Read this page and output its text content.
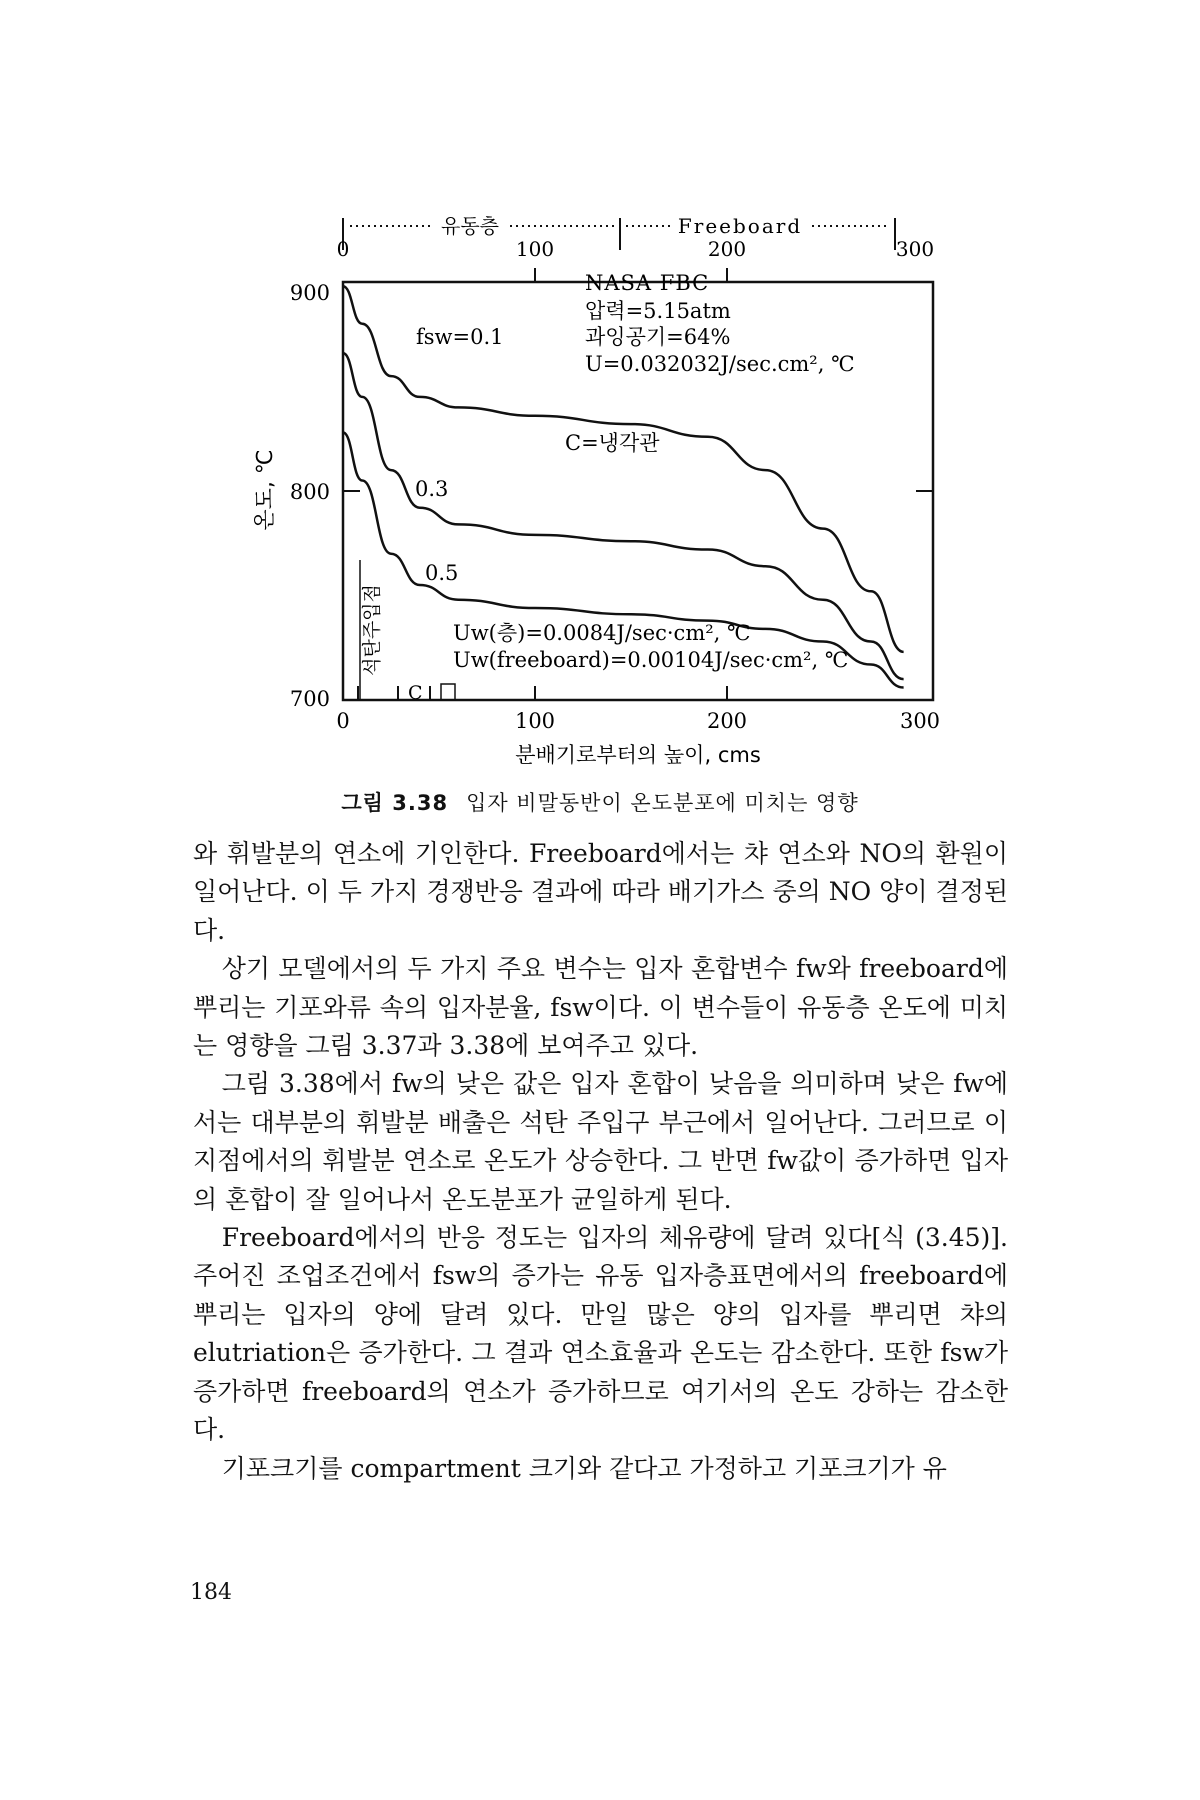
유동층	Freeboard
0	100	200	300
900
800
700
온도, ℃
0	100	200	300
분배기로부터의 높이, cms
석탄주입점
C
fsw=0.1
0.3
0.5
NASA FBC
압력=5.15atm
과잉공기=64%
U=0.032032J/sec.cm², ℃
C=냉각관
Uw(층)=0.0084J/sec·cm², ℃
Uw(freeboard)=0.00104J/sec·cm², ℃
그림 3.38 입자 비말동반이 온도분포에 미치는 영향

와 휘발분의 연소에 기인한다. Freeboard에서는 챠 연소와 NO의 환원이 일어난다. 이 두 가지 경쟁반응 결과에 따라 배기가스 중의 NO 양이 결정된다.

상기 모델에서의 두 가지 주요 변수는 입자 혼합변수 fw와 freeboard에 뿌리는 기포와류 속의 입자분율, fsw이다. 이 변수들이 유동층 온도에 미치는 영향을 그림 3.37과 3.38에 보여주고 있다.

그림 3.38에서 fw의 낮은 값은 입자 혼합이 낮음을 의미하며 낮은 fw에서는 대부분의 휘발분 배출은 석탄 주입구 부근에서 일어난다. 그러므로 이 지점에서의 휘발분 연소로 온도가 상승한다. 그 반면 fw값이 증가하면 입자의 혼합이 잘 일어나서 온도분포가 균일하게 된다.

Freeboard에서의 반응 정도는 입자의 체유량에 달려 있다[식 (3.45)]. 주어진 조업조건에서 fsw의 증가는 유동 입자층표면에서의 freeboard에 뿌리는 입자의 양에 달려 있다. 만일 많은 양의 입자를 뿌리면 챠의 elutriation은 증가한다. 그 결과 연소효율과 온도는 감소한다. 또한 fsw가 증가하면 freeboard의 연소가 증가하므로 여기서의 온도 강하는 감소한다.

기포크기를 compartment 크기와 같다고 가정하고 기포크기가 유

184
